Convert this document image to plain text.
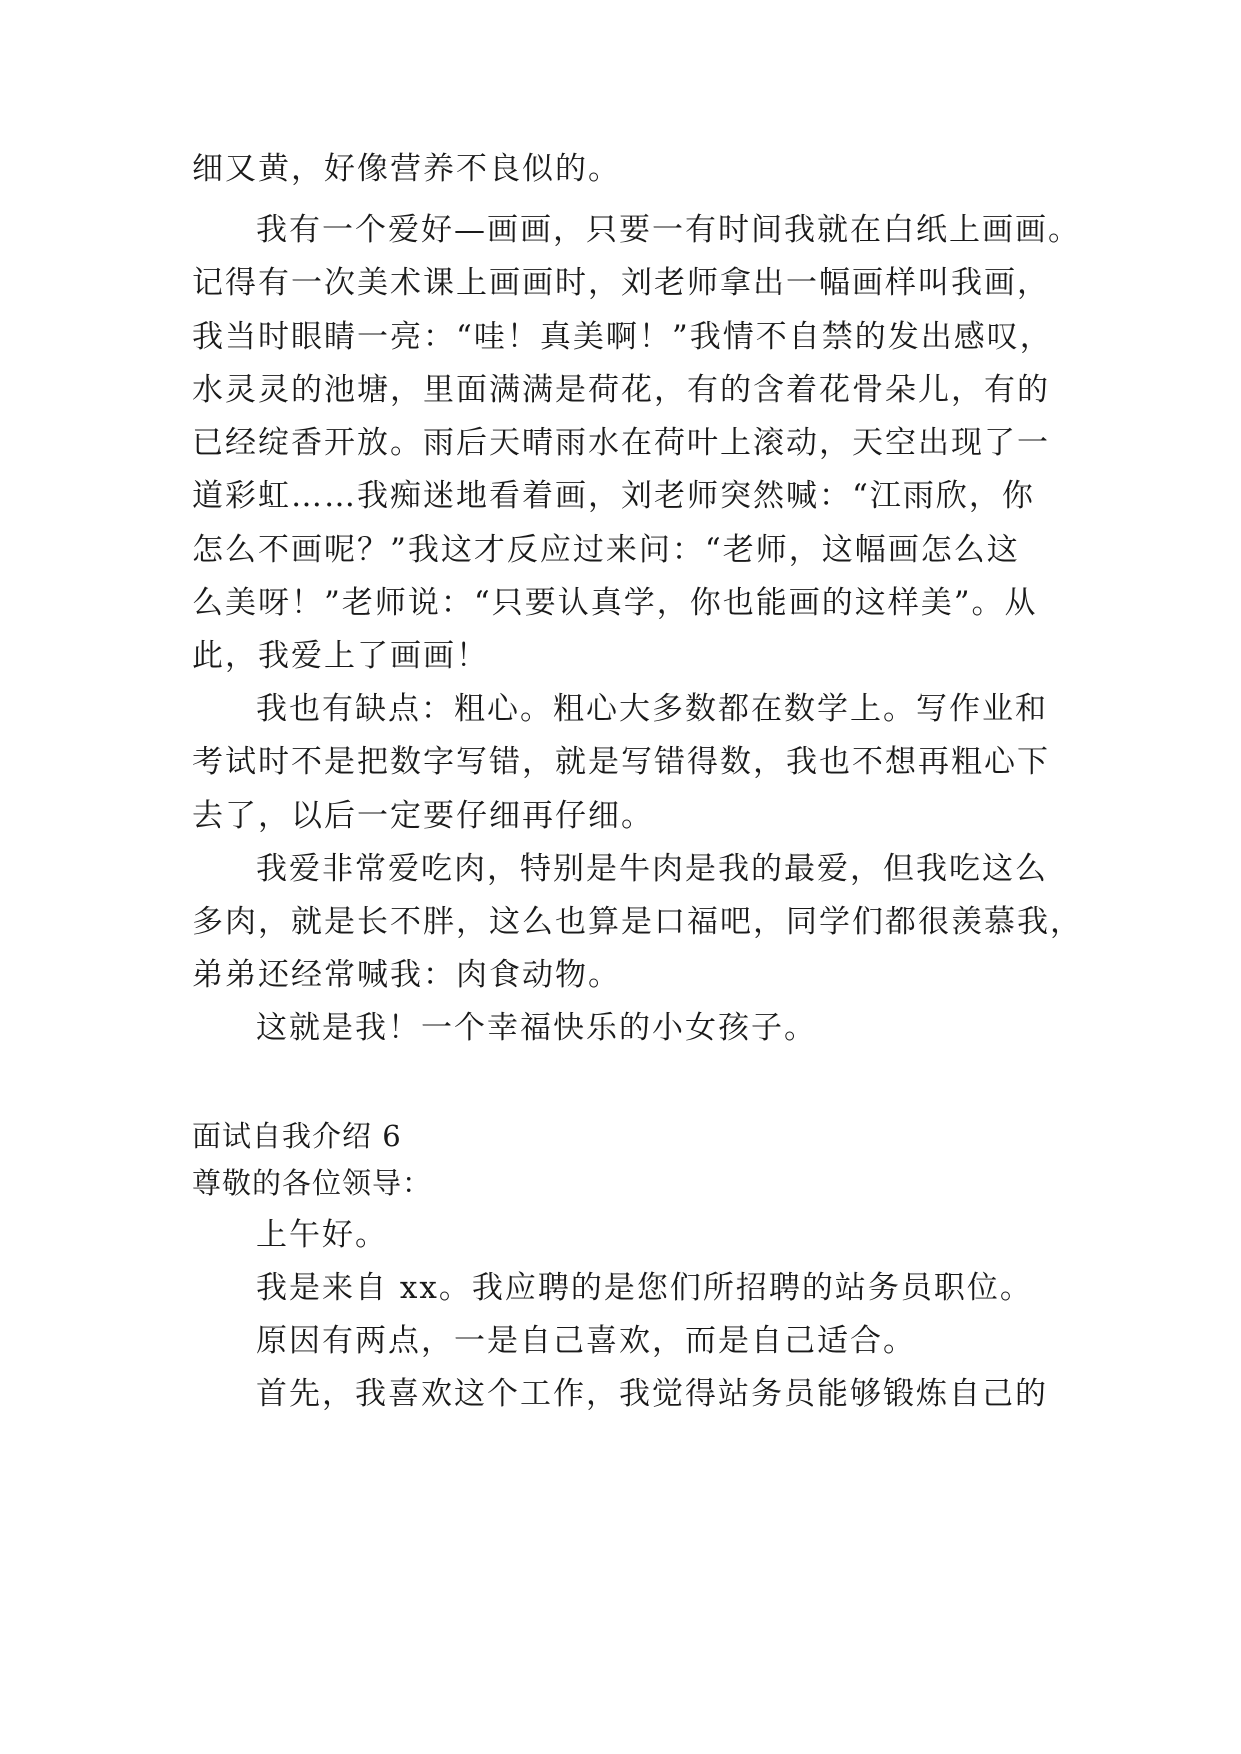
细又黄，好像营养不良似的。
我有一个爱好—画画，只要一有时间我就在白纸上画画。
记得有一次美术课上画画时，刘老师拿出一幅画样叫我画，
我当时眼睛一亮：“哇！真美啊！”我情不自禁的发出感叹，
水灵灵的池塘，里面满满是荷花，有的含着花骨朵儿，有的
已经绽香开放。雨后天晴雨水在荷叶上滚动，天空出现了一
道彩虹……我痴迷地看着画，刘老师突然喊：“江雨欣，你
怎么不画呢？”我这才反应过来问：“老师，这幅画怎么这
么美呀！”老师说：“只要认真学，你也能画的这样美”。从
此，我爱上了画画！
我也有缺点：粗心。粗心大多数都在数学上。写作业和
考试时不是把数字写错，就是写错得数，我也不想再粗心下
去了，以后一定要仔细再仔细。
我爱非常爱吃肉，特别是牛肉是我的最爱，但我吃这么
多肉，就是长不胖，这么也算是口福吧，同学们都很羡慕我，
弟弟还经常喊我：肉食动物。
这就是我！一个幸福快乐的小女孩子。
面试自我介绍 6
尊敬的各位领导：
上午好。
我是来自 xx。我应聘的是您们所招聘的站务员职位。
原因有两点，一是自己喜欢，而是自己适合。
首先，我喜欢这个工作，我觉得站务员能够锻炼自己的
